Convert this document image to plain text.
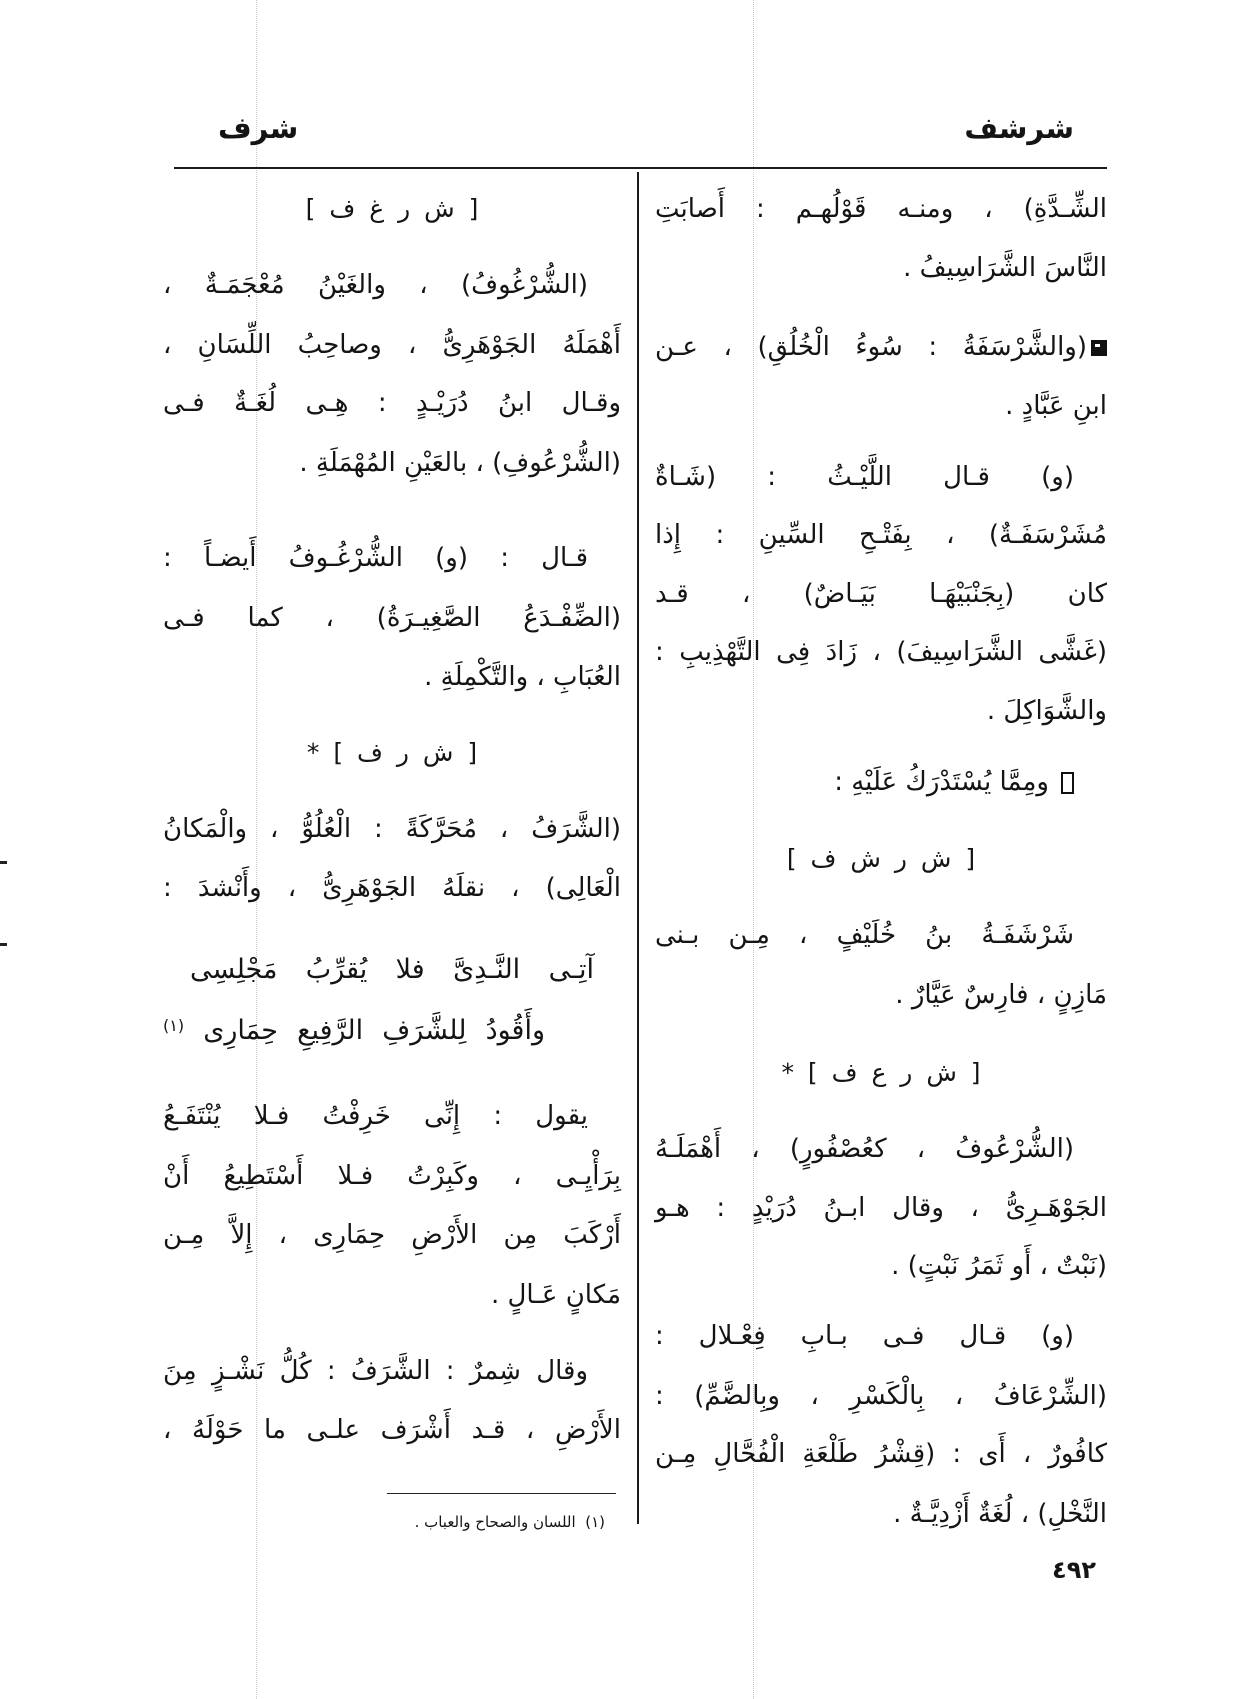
شرف	شرشف
الشِّـدَّةِ) ، ومنـه قَوْلُهـم : أَصابَتِ
النَّاسَ الشَّرَاسِيفُ .
(والشَّرْسَفَةُ : سُوءُ الْخُلُقِ) ، عـن
ابنِ عَبَّادٍ .
(و) قـال اللَّيْـثُ : (شَـاةٌ
مُشَرْسَفَـةٌ) ، بِفَتْـحِ السِّينِ : إِذا
كان (بِجَنْبَيْهَـا بَيَـاضٌ) ، قـد
(غَشَّى الشَّرَاسِيفَ) ، زَادَ فِى التَّهْذِيبِ :
والشَّوَاكِلَ .
ومِمَّا يُسْتَدْرَكُ عَلَيْهِ :
[ ش ر ش ف ]
شَرْشَفَـةُ بنُ خُلَيْفٍ ، مِـن بـنى
مَازِنٍ ، فارِسٌ عَيَّارٌ .
[ ش ر ع ف ] *
(الشُّرْعُوفُ ، كعُصْفُورٍ) ، أَهْمَلَـهُ
الجَوْهَـرِىُّ ، وقال ابـنُ دُرَيْدٍ : هـو
(نَبْتٌ ، أَو ثَمَرُ نَبْتٍ) .
(و) قـال فـى بـابِ فِعْـلال :
(الشِّرْعَافُ ، بِالْكَسْرِ ، وبِالضَّمِّ) :
كافُورٌ ، أَى : (قِشْرُ طَلْعَةِ الْفُحَّالِ مِـن
النَّخْلِ) ، لُغَةٌ أَزْدِيَّـةٌ .
[ ش ر غ ف ]
(الشُّرْغُوفُ) ، والغَيْنُ مُعْجَمَـةٌ ،
أَهْمَلَهُ الجَوْهَرِىُّ ، وصاحِبُ اللِّسَانِ ،
وقـال ابنُ دُرَيْـدٍ : هِـى لُغَـةٌ فـى
(الشُّرْعُوفِ) ، بالعَيْنِ المُهْمَلَةِ .
قـال : (و) الشُّرْغُـوفُ أَيضـاً :
(الضِّفْـدَعُ الصَّغِيـرَةُ) ، كما فـى
العُبَابِ ، والتَّكْمِلَةِ .
[ ش ر ف ] *
(الشَّرَفُ ، مُحَرَّكَةً : الْعُلُوُّ ، والْمَكانُ
الْعَالِى) ، نقلَهُ الجَوْهَرِىُّ ، وأَنْشدَ :
آتِـى النَّـدِىَّ فلا يُقرِّبُ مَجْلِسِى
وأَقُودُ لِلشَّرَفِ الرَّفِيعِ حِمَارِى $^{(١)}$
يقول : إِنِّى خَرِفْتُ فـلا يُنْتَفَـعُ
بِرَأْيِـى ، وكَبِرْتُ فـلا أَسْتَطِيعُ أَنْ
أَرْكَبَ مِن الأَرْضِ حِمَارِى ، إِلاَّ مِـن
مَكانٍ عَـالٍ .
وقال شِمرٌ : الشَّرَفُ : كُلُّ نَشْـزٍ مِنَ
الأَرْضِ ، قـد أَشْرَف علـى ما حَوْلَهُ ،
(١)  اللسان والصحاح والعباب .
٤٩٢
